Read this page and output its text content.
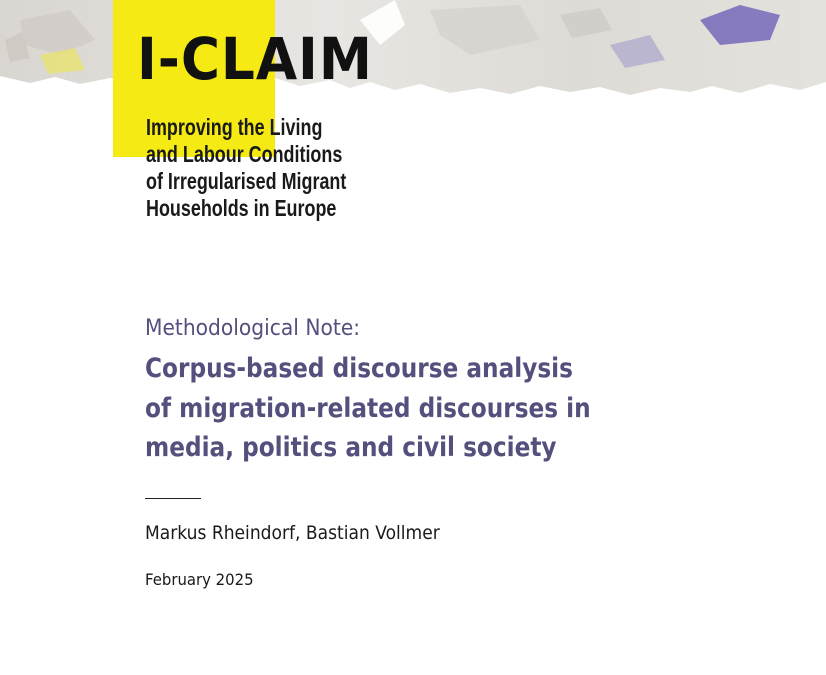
I-CLAIM
Improving the Living
and Labour Conditions
of Irregularised Migrant
Households in Europe
Methodological Note:
Corpus-based discourse analysis
of migration-related discourses in
media, politics and civil society
Markus Rheindorf, Bastian Vollmer
February 2025
